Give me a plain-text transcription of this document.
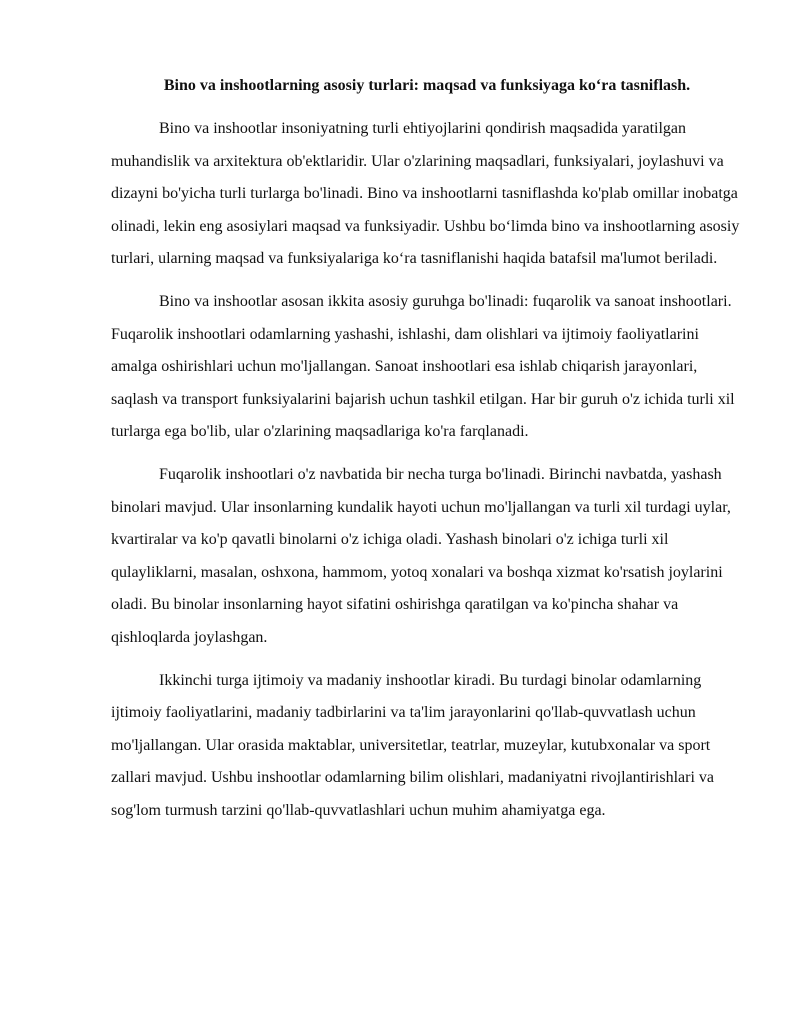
Bino va inshootlarning asosiy turlari: maqsad va funksiyaga ko‘ra tasniflash.

Bino va inshootlar insoniyatning turli ehtiyojlarini qondirish maqsadida yaratilgan muhandislik va arxitektura ob'ektlaridir. Ular o'zlarining maqsadlari, funksiyalari, joylashuvi va dizayni bo'yicha turli turlarga bo'linadi. Bino va inshootlarni tasniflashda ko'plab omillar inobatga olinadi, lekin eng asosiylari maqsad va funksiyadir. Ushbu bo‘limda bino va inshootlarning asosiy turlari, ularning maqsad va funksiyalariga ko‘ra tasniflanishi haqida batafsil ma'lumot beriladi.

Bino va inshootlar asosan ikkita asosiy guruhga bo'linadi: fuqarolik va sanoat inshootlari. Fuqarolik inshootlari odamlarning yashashi, ishlashi, dam olishlari va ijtimoiy faoliyatlarini amalga oshirishlari uchun mo'ljallangan. Sanoat inshootlari esa ishlab chiqarish jarayonlari, saqlash va transport funksiyalarini bajarish uchun tashkil etilgan. Har bir guruh o'z ichida turli xil turlarga ega bo'lib, ular o'zlarining maqsadlariga ko'ra farqlanadi.

Fuqarolik inshootlari o'z navbatida bir necha turga bo'linadi. Birinchi navbatda, yashash binolari mavjud. Ular insonlarning kundalik hayoti uchun mo'ljallangan va turli xil turdagi uylar, kvartiralar va ko'p qavatli binolarni o'z ichiga oladi. Yashash binolari o'z ichiga turli xil qulayliklarni, masalan, oshxona, hammom, yotoq xonalari va boshqa xizmat ko'rsatish joylarini oladi. Bu binolar insonlarning hayot sifatini oshirishga qaratilgan va ko'pincha shahar va qishloqlarda joylashgan.

Ikkinchi turga ijtimoiy va madaniy inshootlar kiradi. Bu turdagi binolar odamlarning ijtimoiy faoliyatlarini, madaniy tadbirlarini va ta'lim jarayonlarini qo'llab-quvvatlash uchun mo'ljallangan. Ular orasida maktablar, universitetlar, teatrlar, muzeylar, kutubxonalar va sport zallari mavjud. Ushbu inshootlar odamlarning bilim olishlari, madaniyatni rivojlantirishlari va sog'lom turmush tarzini qo'llab-quvvatlashlari uchun muhim ahamiyatga ega.
